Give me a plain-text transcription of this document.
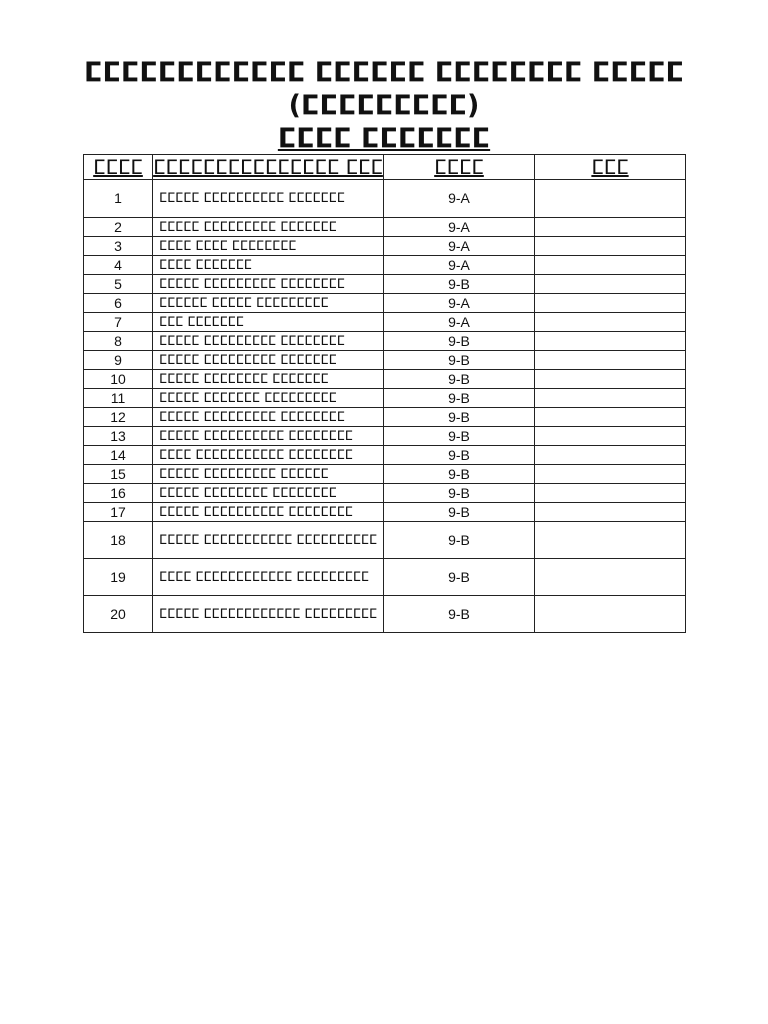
ⵎⵎⵎⵎⵎⵎⵎⵎⵎⵎⵎⵎ ⵎⵎⵎⵎⵎⵎ ⵎⵎⵎⵎⵎⵎⵎⵎ ⵎⵎⵎⵎⵎ
(ⵎⵎⵎⵎⵎⵎⵎⵎⵎ)
ⵎⵎⵎⵎ ⵎⵎⵎⵎⵎⵎⵎ
ⵎⵎⵎⵎ	ⵎⵎⵎⵎⵎⵎⵎⵎⵎⵎⵎⵎⵎⵎⵎ ⵎⵎⵎ	ⵎⵎⵎⵎ	ⵎⵎⵎ
1	ⵎⵎⵎⵎⵎ ⵎⵎⵎⵎⵎⵎⵎⵎⵎⵎ ⵎⵎⵎⵎⵎⵎⵎ	9-A	
2	ⵎⵎⵎⵎⵎ ⵎⵎⵎⵎⵎⵎⵎⵎⵎ ⵎⵎⵎⵎⵎⵎⵎ	9-A	
3	ⵎⵎⵎⵎ ⵎⵎⵎⵎ ⵎⵎⵎⵎⵎⵎⵎⵎ	9-A	
4	ⵎⵎⵎⵎ ⵎⵎⵎⵎⵎⵎⵎ	9-A	
5	ⵎⵎⵎⵎⵎ ⵎⵎⵎⵎⵎⵎⵎⵎⵎ ⵎⵎⵎⵎⵎⵎⵎⵎ	9-B	
6	ⵎⵎⵎⵎⵎⵎ ⵎⵎⵎⵎⵎ ⵎⵎⵎⵎⵎⵎⵎⵎⵎ	9-A	
7	ⵎⵎⵎ ⵎⵎⵎⵎⵎⵎⵎ	9-A	
8	ⵎⵎⵎⵎⵎ ⵎⵎⵎⵎⵎⵎⵎⵎⵎ ⵎⵎⵎⵎⵎⵎⵎⵎ	9-B	
9	ⵎⵎⵎⵎⵎ ⵎⵎⵎⵎⵎⵎⵎⵎⵎ ⵎⵎⵎⵎⵎⵎⵎ	9-B	
10	ⵎⵎⵎⵎⵎ ⵎⵎⵎⵎⵎⵎⵎⵎ ⵎⵎⵎⵎⵎⵎⵎ	9-B	
11	ⵎⵎⵎⵎⵎ ⵎⵎⵎⵎⵎⵎⵎ ⵎⵎⵎⵎⵎⵎⵎⵎⵎ	9-B	
12	ⵎⵎⵎⵎⵎ ⵎⵎⵎⵎⵎⵎⵎⵎⵎ ⵎⵎⵎⵎⵎⵎⵎⵎ	9-B	
13	ⵎⵎⵎⵎⵎ ⵎⵎⵎⵎⵎⵎⵎⵎⵎⵎ ⵎⵎⵎⵎⵎⵎⵎⵎ	9-B	
14	ⵎⵎⵎⵎ ⵎⵎⵎⵎⵎⵎⵎⵎⵎⵎⵎ ⵎⵎⵎⵎⵎⵎⵎⵎ	9-B	
15	ⵎⵎⵎⵎⵎ ⵎⵎⵎⵎⵎⵎⵎⵎⵎ ⵎⵎⵎⵎⵎⵎ	9-B	
16	ⵎⵎⵎⵎⵎ ⵎⵎⵎⵎⵎⵎⵎⵎ ⵎⵎⵎⵎⵎⵎⵎⵎ	9-B	
17	ⵎⵎⵎⵎⵎ ⵎⵎⵎⵎⵎⵎⵎⵎⵎⵎ ⵎⵎⵎⵎⵎⵎⵎⵎ	9-B	
18	ⵎⵎⵎⵎⵎ ⵎⵎⵎⵎⵎⵎⵎⵎⵎⵎⵎ ⵎⵎⵎⵎⵎⵎⵎⵎⵎⵎ	9-B	
19	ⵎⵎⵎⵎ ⵎⵎⵎⵎⵎⵎⵎⵎⵎⵎⵎⵎ ⵎⵎⵎⵎⵎⵎⵎⵎⵎ	9-B	
20	ⵎⵎⵎⵎⵎ ⵎⵎⵎⵎⵎⵎⵎⵎⵎⵎⵎⵎ ⵎⵎⵎⵎⵎⵎⵎⵎⵎ	9-B	
